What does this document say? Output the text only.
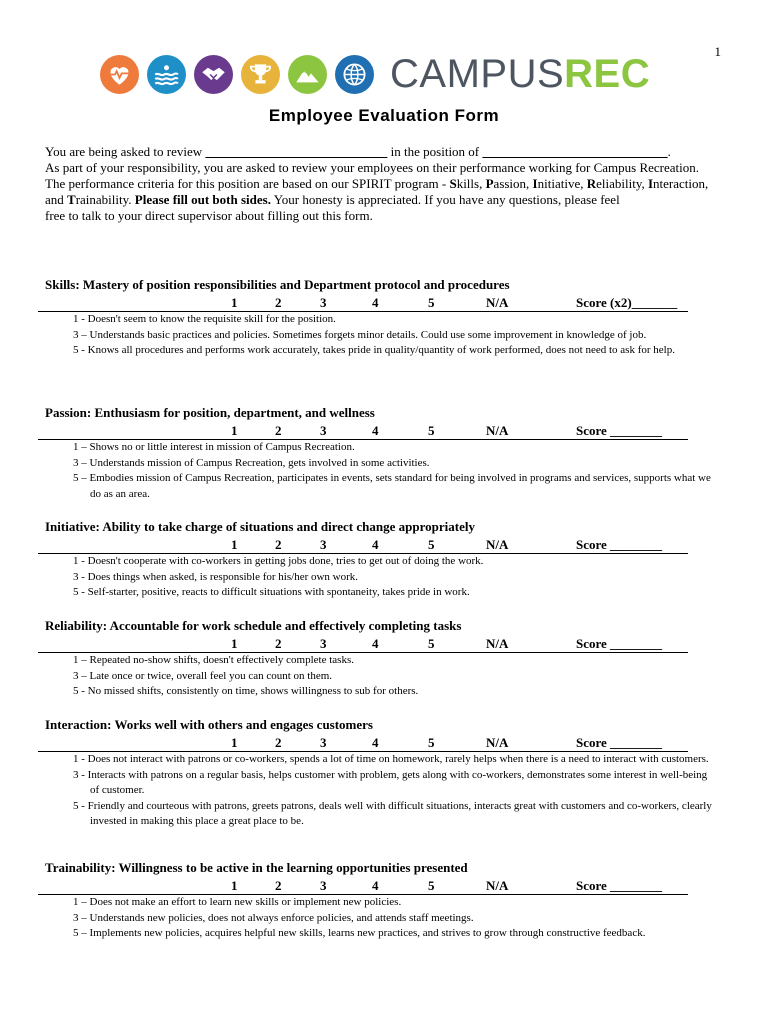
1
CAMPUSREC
Employee Evaluation Form

You are being asked to review	in the position of	.

As part of your responsibility, you are asked to review your employees on their performance working for Campus Recreation.

The performance criteria for this position are based on our SPIRIT program - Skills, Passion, Initiative, Reliability, Interaction, and Trainability. Please fill out both sides. Your honesty is appreciated. If you have any questions, please feel

free to talk to your direct supervisor about filling out this form.

Skills: Mastery of position responsibilities and Department protocol and procedures
1	2	3	4	5	N/A	Score (x2)_______
1 - Doesn't seem to know the requisite skill for the position.
3 – Understands basic practices and policies. Sometimes forgets minor details. Could use some improvement in knowledge of job.
5 - Knows all procedures and performs work accurately, takes pride in quality/quantity of work performed, does not need to ask for help.
Passion: Enthusiasm for position, department, and wellness
1	2	3	4	5	N/A	Score ________
1 – Shows no or little interest in mission of Campus Recreation.
3 – Understands mission of Campus Recreation, gets involved in some activities.
5 – Embodies mission of Campus Recreation, participates in events, sets standard for being involved in programs and services, supports what we do as an area.
Initiative: Ability to take charge of situations and direct change appropriately
1	2	3	4	5	N/A	Score ________
1 - Doesn't cooperate with co-workers in getting jobs done, tries to get out of doing the work.
3 - Does things when asked, is responsible for his/her own work.
5 - Self-starter, positive, reacts to difficult situations with spontaneity, takes pride in work.
Reliability: Accountable for work schedule and effectively completing tasks
1	2	3	4	5	N/A	Score ________
1 – Repeated no-show shifts, doesn't effectively complete tasks.
3 – Late once or twice, overall feel you can count on them.
5 - No missed shifts, consistently on time, shows willingness to sub for others.
Interaction: Works well with others and engages customers
1	2	3	4	5	N/A	Score ________
1 - Does not interact with patrons or co-workers, spends a lot of time on homework, rarely helps when there is a need to interact with customers.
3 - Interacts with patrons on a regular basis, helps customer with problem, gets along with co-workers, demonstrates some interest in well-being of customer.
5 - Friendly and courteous with patrons, greets patrons, deals well with difficult situations, interacts great with customers and co-workers, clearly invested in making this place a great place to be.
Trainability: Willingness to be active in the learning opportunities presented
1	2	3	4	5	N/A	Score ________
1 – Does not make an effort to learn new skills or implement new policies.
3 – Understands new policies, does not always enforce policies, and attends staff meetings.
5 – Implements new policies, acquires helpful new skills, learns new practices, and strives to grow through constructive feedback.
